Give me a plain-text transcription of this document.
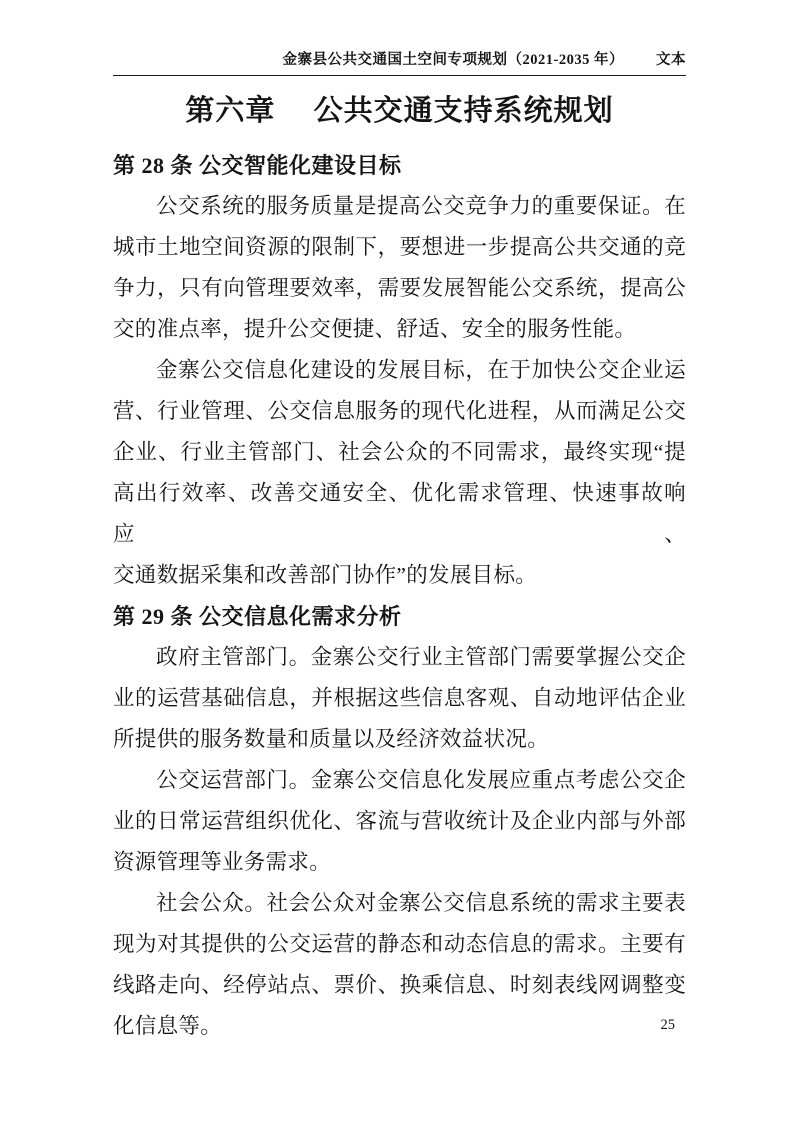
金寨县公共交通国土空间专项规划（2021-2035 年） 文本
第六章　 公共交通支持系统规划
第 28 条 公交智能化建设目标
公交系统的服务质量是提高公交竞争力的重要保证。在
城市土地空间资源的限制下，要想进一步提高公共交通的竞
争力，只有向管理要效率，需要发展智能公交系统，提高公
交的准点率，提升公交便捷、舒适、安全的服务性能。
金寨公交信息化建设的发展目标，在于加快公交企业运
营、行业管理、公交信息服务的现代化进程，从而满足公交
企业、行业主管部门、社会公众的不同需求，最终实现“提
高出行效率、改善交通安全、优化需求管理、快速事故响应、
交通数据采集和改善部门协作”的发展目标。
第 29 条 公交信息化需求分析
政府主管部门。金寨公交行业主管部门需要掌握公交企
业的运营基础信息，并根据这些信息客观、自动地评估企业
所提供的服务数量和质量以及经济效益状况。
公交运营部门。金寨公交信息化发展应重点考虑公交企
业的日常运营组织优化、客流与营收统计及企业内部与外部
资源管理等业务需求。
社会公众。社会公众对金寨公交信息系统的需求主要表
现为对其提供的公交运营的静态和动态信息的需求。主要有
线路走向、经停站点、票价、换乘信息、时刻表线网调整变
化信息等。	25
